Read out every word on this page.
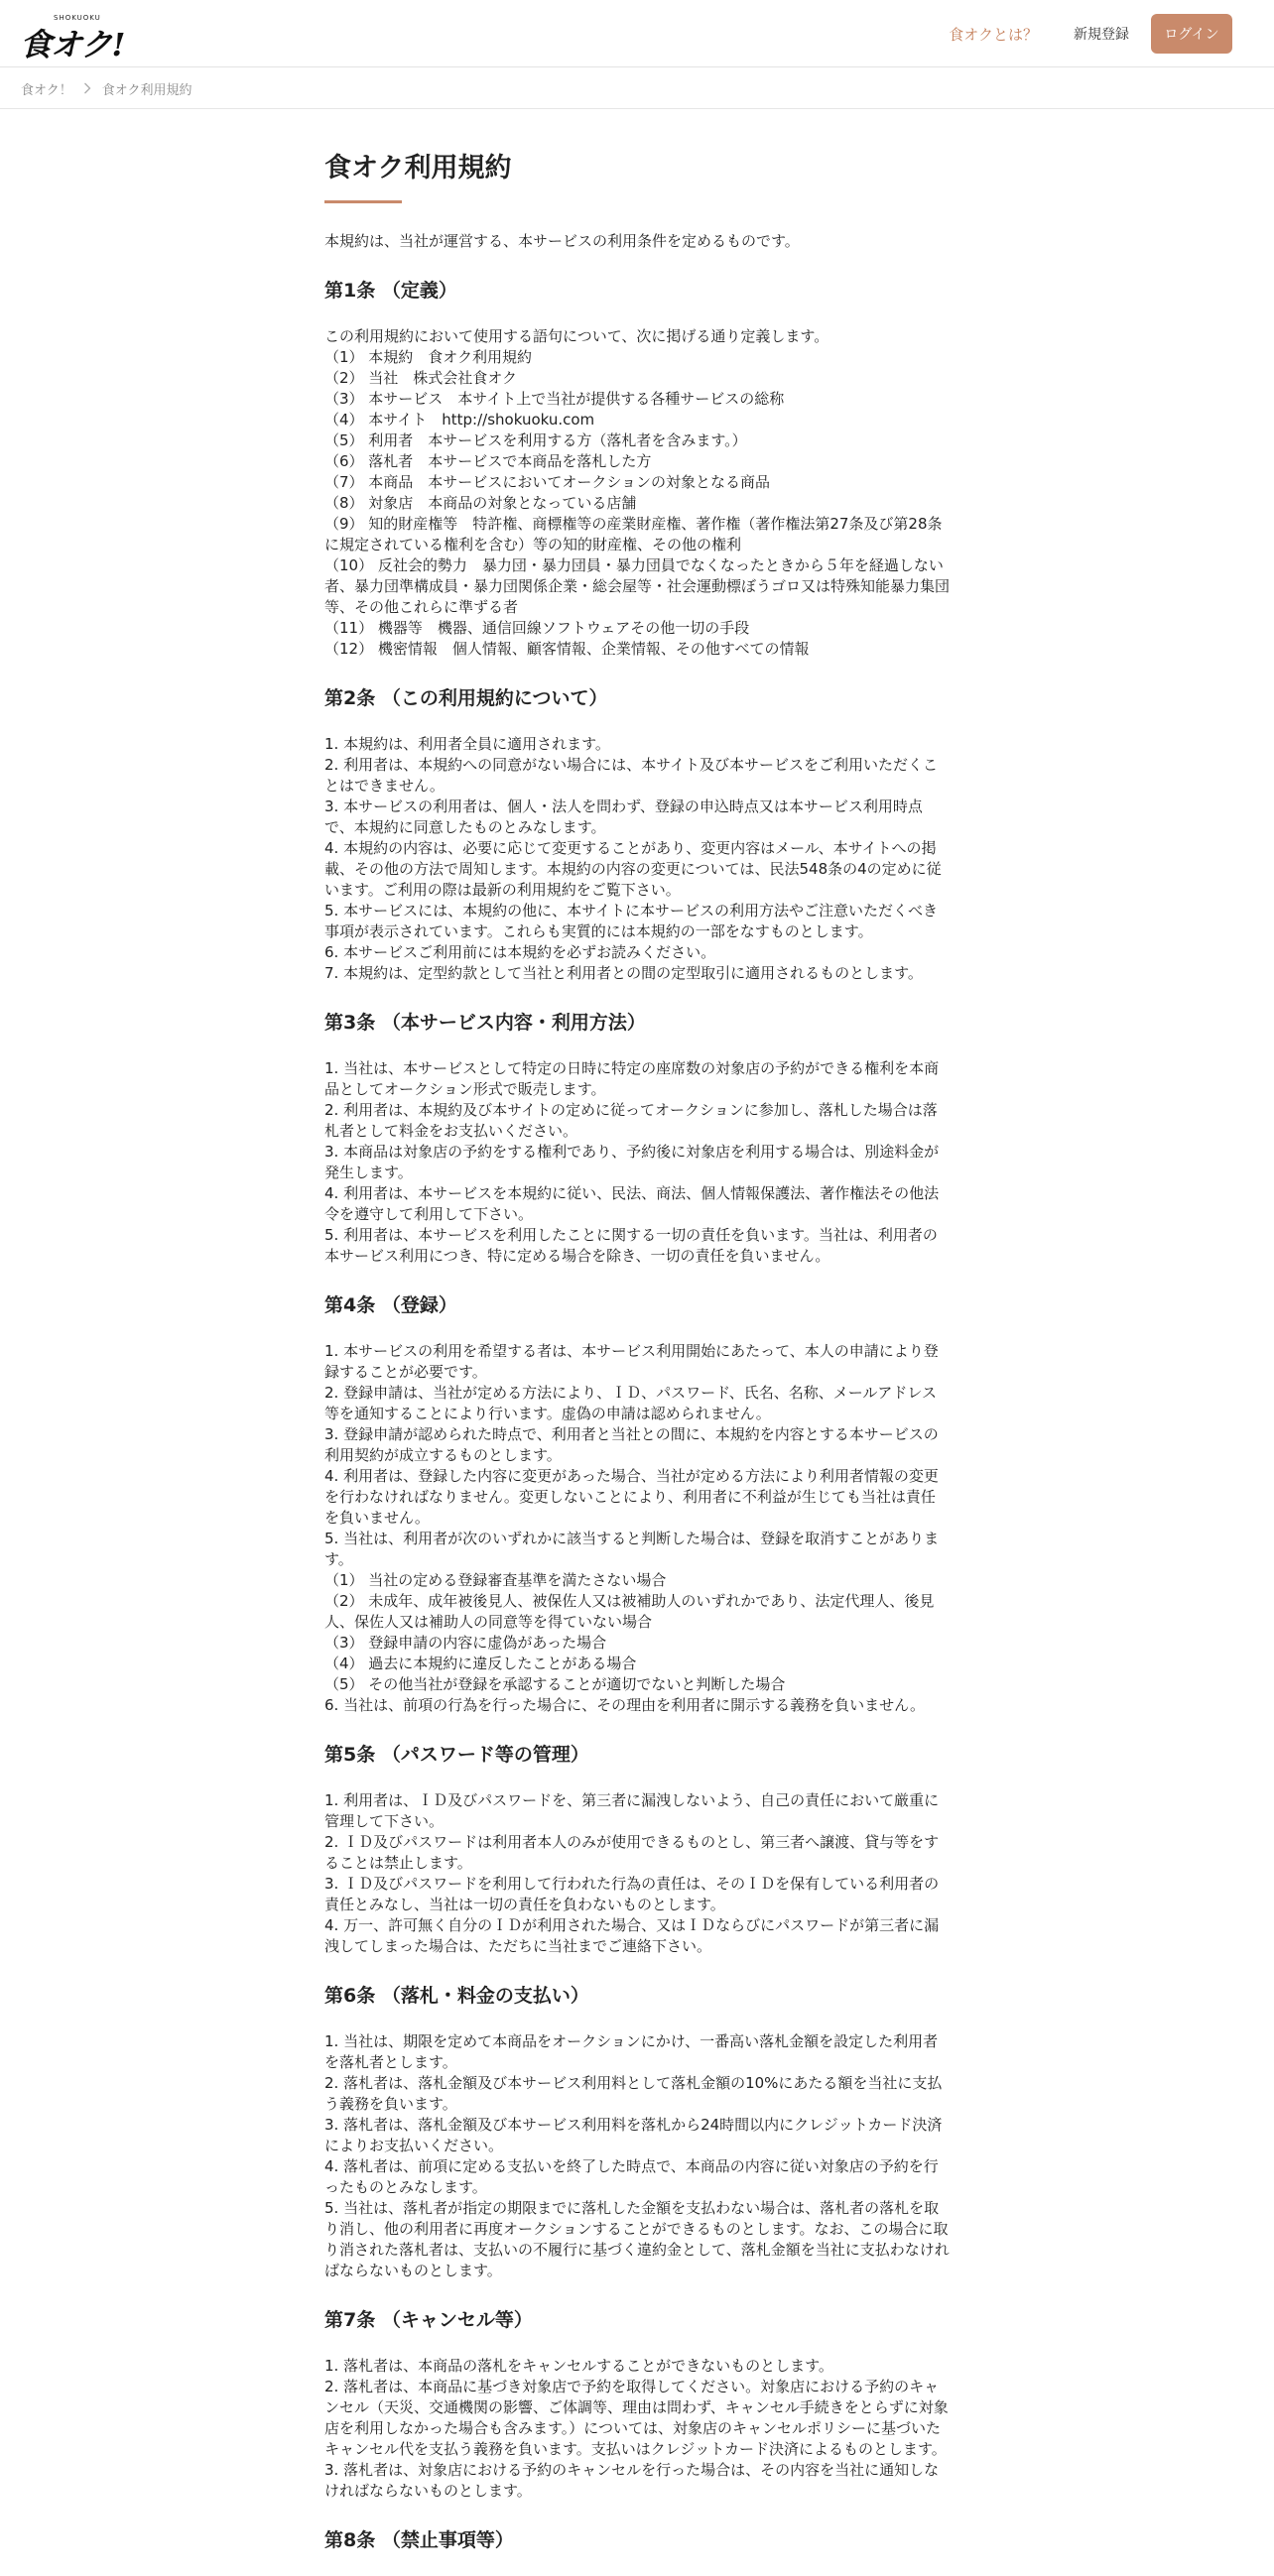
SHOKUOKU
食オク!	食オクとは？	新規登録	ログイン
食オク！ 食オク利用規約
食オク利用規約

本規約は、当社が運営する、本サービスの利用条件を定めるものです。

第1条 （定義）
この利用規約において使用する語句について、次に掲げる通り定義します。
（1） 本規約　食オク利用規約
（2） 当社　株式会社食オク
（3） 本サービス　本サイト上で当社が提供する各種サービスの総称
（4） 本サイト　http://shokuoku.com
（5） 利用者　本サービスを利用する方（落札者を含みます。）
（6） 落札者　本サービスで本商品を落札した方
（7） 本商品　本サービスにおいてオークションの対象となる商品
（8） 対象店　本商品の対象となっている店舗
（9） 知的財産権等　特許権、商標権等の産業財産権、著作権（著作権法第27条及び第28条に規定されている権利を含む）等の知的財産権、その他の権利
（10） 反社会的勢力　暴力団・暴力団員・暴力団員でなくなったときから５年を経過しない者、暴力団準構成員・暴力団関係企業・総会屋等・社会運動標ぼうゴロ又は特殊知能暴力集団等、その他これらに準ずる者
（11） 機器等　機器、通信回線ソフトウェアその他一切の手段
（12） 機密情報　個人情報、顧客情報、企業情報、その他すべての情報
第2条 （この利用規約について）
1. 本規約は、利用者全員に適用されます。
2. 利用者は、本規約への同意がない場合には、本サイト及び本サービスをご利用いただくことはできません。
3. 本サービスの利用者は、個人・法人を問わず、登録の申込時点又は本サービス利用時点で、本規約に同意したものとみなします。
4. 本規約の内容は、必要に応じて変更することがあり、変更内容はメール、本サイトへの掲載、その他の方法で周知します。本規約の内容の変更については、民法548条の4の定めに従います。ご利用の際は最新の利用規約をご覧下さい。
5. 本サービスには、本規約の他に、本サイトに本サービスの利用方法やご注意いただくべき事項が表示されています。これらも実質的には本規約の一部をなすものとします。
6. 本サービスご利用前には本規約を必ずお読みください。
7. 本規約は、定型約款として当社と利用者との間の定型取引に適用されるものとします。
第3条 （本サービス内容・利用方法）
1. 当社は、本サービスとして特定の日時に特定の座席数の対象店の予約ができる権利を本商品としてオークション形式で販売します。
2. 利用者は、本規約及び本サイトの定めに従ってオークションに参加し、落札した場合は落札者として料金をお支払いください。
3. 本商品は対象店の予約をする権利であり、予約後に対象店を利用する場合は、別途料金が発生します。
4. 利用者は、本サービスを本規約に従い、民法、商法、個人情報保護法、著作権法その他法令を遵守して利用して下さい。
5. 利用者は、本サービスを利用したことに関する一切の責任を負います。当社は、利用者の本サービス利用につき、特に定める場合を除き、一切の責任を負いません。
第4条 （登録）
1. 本サービスの利用を希望する者は、本サービス利用開始にあたって、本人の申請により登録することが必要です。
2. 登録申請は、当社が定める方法により、ＩＤ、パスワード、氏名、名称、メールアドレス等を通知することにより行います。虚偽の申請は認められません。
3. 登録申請が認められた時点で、利用者と当社との間に、本規約を内容とする本サービスの利用契約が成立するものとします。
4. 利用者は、登録した内容に変更があった場合、当社が定める方法により利用者情報の変更を行わなければなりません。変更しないことにより、利用者に不利益が生じても当社は責任を負いません。
5. 当社は、利用者が次のいずれかに該当すると判断した場合は、登録を取消すことがあります。
（1） 当社の定める登録審査基準を満たさない場合
（2） 未成年、成年被後見人、被保佐人又は被補助人のいずれかであり、法定代理人、後見人、保佐人又は補助人の同意等を得ていない場合
（3） 登録申請の内容に虚偽があった場合
（4） 過去に本規約に違反したことがある場合
（5） その他当社が登録を承認することが適切でないと判断した場合
6. 当社は、前項の行為を行った場合に、その理由を利用者に開示する義務を負いません。
第5条 （パスワード等の管理）
1. 利用者は、ＩＤ及びパスワードを、第三者に漏洩しないよう、自己の責任において厳重に管理して下さい。
2. ＩＤ及びパスワードは利用者本人のみが使用できるものとし、第三者へ譲渡、貸与等をすることは禁止します。
3. ＩＤ及びパスワードを利用して行われた行為の責任は、そのＩＤを保有している利用者の責任とみなし、当社は一切の責任を負わないものとします。
4. 万一、許可無く自分のＩＤが利用された場合、又はＩＤならびにパスワードが第三者に漏洩してしまった場合は、ただちに当社までご連絡下さい。
第6条 （落札・料金の支払い）
1. 当社は、期限を定めて本商品をオークションにかけ、一番高い落札金額を設定した利用者を落札者とします。
2. 落札者は、落札金額及び本サービス利用料として落札金額の10%にあたる額を当社に支払う義務を負います。
3. 落札者は、落札金額及び本サービス利用料を落札から24時間以内にクレジットカード決済によりお支払いください。
4. 落札者は、前項に定める支払いを終了した時点で、本商品の内容に従い対象店の予約を行ったものとみなします。
5. 当社は、落札者が指定の期限までに落札した金額を支払わない場合は、落札者の落札を取り消し、他の利用者に再度オークションすることができるものとします。なお、この場合に取り消された落札者は、支払いの不履行に基づく違約金として、落札金額を当社に支払わなければならないものとします。
第7条 （キャンセル等）
1. 落札者は、本商品の落札をキャンセルすることができないものとします。
2. 落札者は、本商品に基づき対象店で予約を取得してください。対象店における予約のキャンセル（天災、交通機関の影響、ご体調等、理由は問わず、キャンセル手続きをとらずに対象店を利用しなかった場合も含みます。）については、対象店のキャンセルポリシーに基づいたキャンセル代を支払う義務を負います。支払いはクレジットカード決済によるものとします。
3. 落札者は、対象店における予約のキャンセルを行った場合は、その内容を当社に通知しなければならないものとします。
第8条 （禁止事項等）
